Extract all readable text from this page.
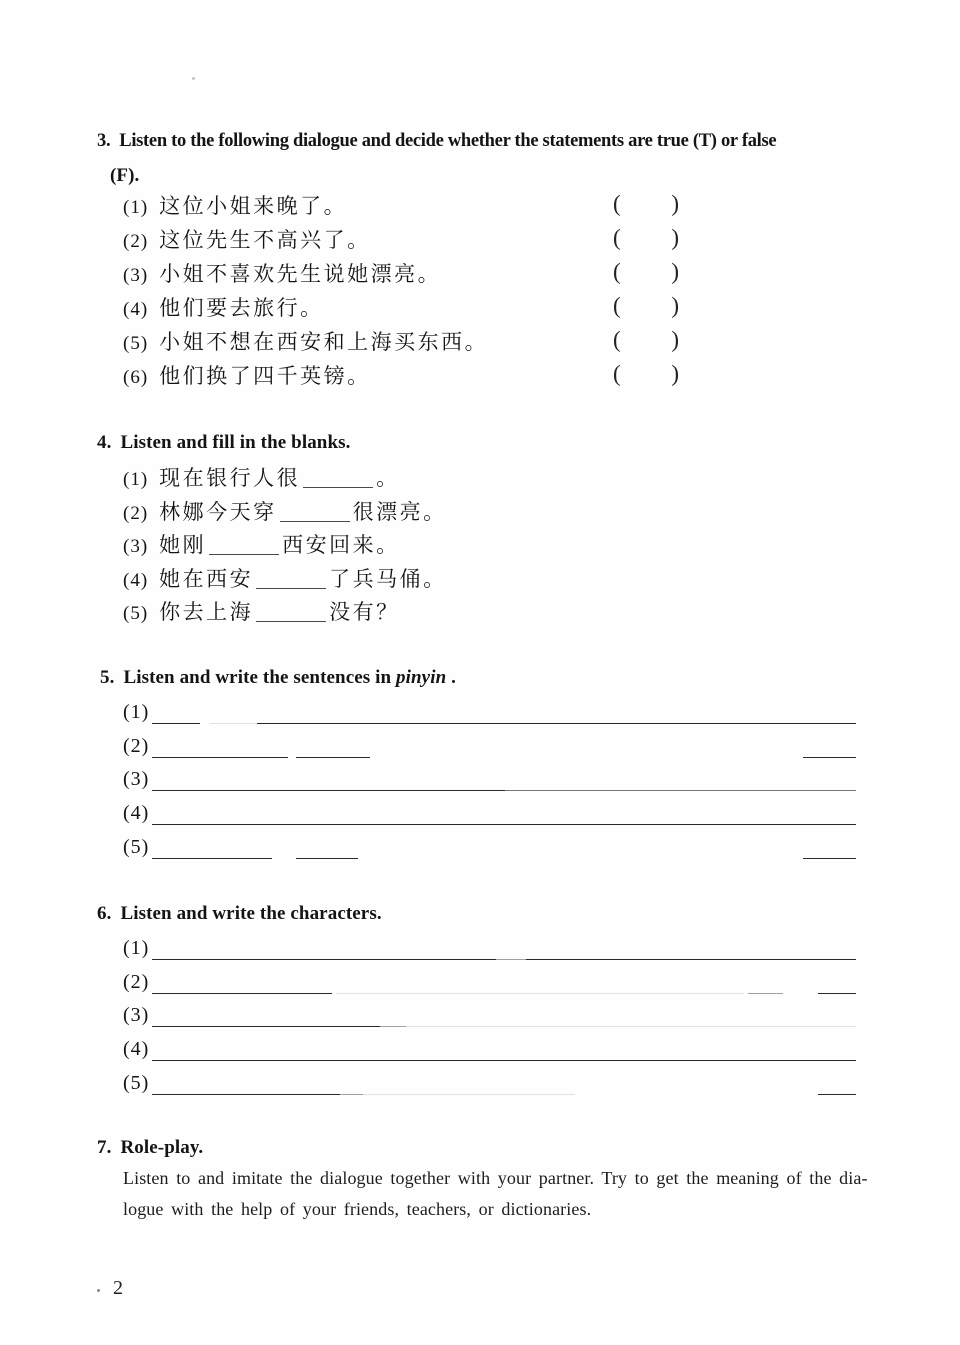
3. Listen to the following dialogue and decide whether the statements are true (T) or false
(F).
(1) 这位小姐来晚了。	( )
(2) 这位先生不高兴了。	( )
(3) 小姐不喜欢先生说她漂亮。	( )
(4) 他们要去旅行。	( )
(5) 小姐不想在西安和上海买东西。	( )
(6) 他们换了四千英镑。	( )
4. Listen and fill in the blanks.
(1) 现在银行人很	。
(2) 林娜今天穿	很漂亮。
(3) 她刚	西安回来。
(4) 她在西安	了兵马俑。
(5) 你去上海	没有？
5. Listen and write the sentences in pinyin .
(1)
(2)
(3)
(4)
(5)
6. Listen and write the characters.
(1)
(2)
(3)
(4)
(5)
7. Role-play.
Listen to and imitate the dialogue together with your partner. Try to get the meaning of the dia-
logue with the help of your friends, teachers, or dictionaries.
2
